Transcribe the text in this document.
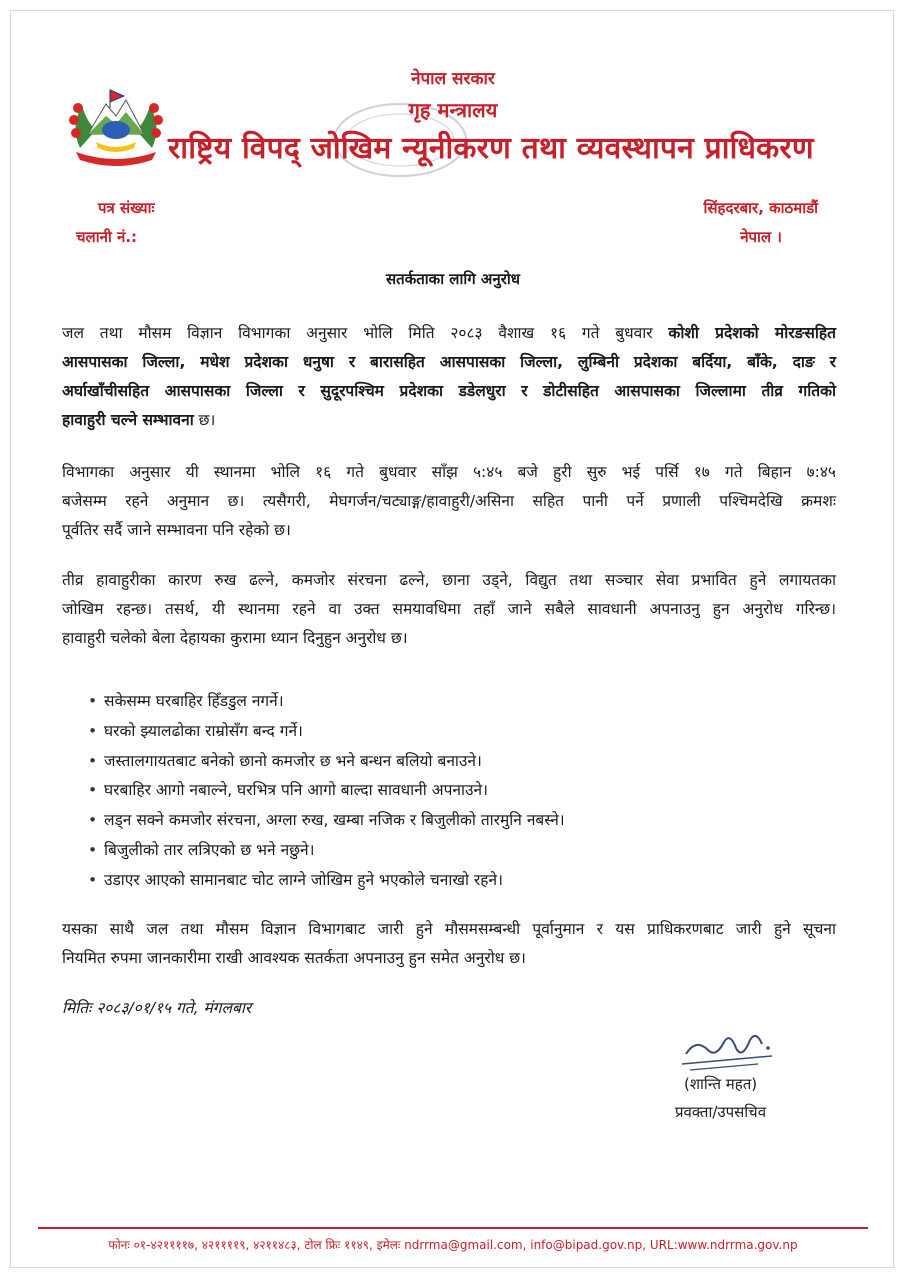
नेपाल सरकार
गृह मन्त्रालय
राष्ट्रिय विपद् जोखिम न्यूनीकरण तथा व्यवस्थापन प्राधिकरण
पत्र संख्याः
चलानी नं.:
सिंहदरबार, काठमाडौं
नेपाल ।
सतर्कताका लागि अनुरोध
जल तथा मौसम विज्ञान विभागका अनुसार भोलि मिति २०८३ वैशाख १६ गते बुधवार कोशी प्रदेशको मोरङसहित
आसपासका जिल्ला, मधेश प्रदेशका धनुषा र बारासहित आसपासका जिल्ला, लुम्बिनी प्रदेशका बर्दिया, बाँके, दाङ र
अर्घाखाँचीसहित आसपासका जिल्ला र सुदूरपश्चिम प्रदेशका डडेलधुरा र डोटीसहित आसपासका जिल्लामा तीव्र गतिको
हावाहुरी चल्ने सम्भावना छ।
विभागका अनुसार यी स्थानमा भोलि १६ गते बुधवार साँझ ५:४५ बजे हुरी सुरु भई पर्सि १७ गते बिहान ७:४५
बजेसम्म रहने अनुमान छ। त्यसैगरी, मेघगर्जन/चट्याङ्ग/हावाहुरी/असिना सहित पानी पर्ने प्रणाली पश्चिमदेखि क्रमशः
पूर्वतिर सर्दै जाने सम्भावना पनि रहेको छ।
तीव्र हावाहुरीका कारण रुख ढल्ने, कमजोर संरचना ढल्ने, छाना उड्ने, विद्युत तथा सञ्चार सेवा प्रभावित हुने लगायतका
जोखिम रहन्छ। तसर्थ, यी स्थानमा रहने वा उक्त समयावधिमा तहाँ जाने सबैले सावधानी अपनाउनु हुन अनुरोध गरिन्छ।
हावाहुरी चलेको बेला देहायका कुरामा ध्यान दिनुहुन अनुरोध छ।
• सकेसम्म घरबाहिर हिँडडुल नगर्ने।
• घरको झ्यालढोका राम्रोसँग बन्द गर्ने।
• जस्तालगायतबाट बनेको छानो कमजोर छ भने बन्धन बलियो बनाउने।
• घरबाहिर आगो नबाल्ने, घरभित्र पनि आगो बाल्दा सावधानी अपनाउने।
• लड्न सक्ने कमजोर संरचना, अग्ला रुख, खम्बा नजिक र बिजुलीको तारमुनि नबस्ने।
• बिजुलीको तार लत्रिएको छ भने नछुने।
• उडाएर आएको सामानबाट चोट लाग्ने जोखिम हुने भएकोले चनाखो रहने।
यसका साथै जल तथा मौसम विज्ञान विभागबाट जारी हुने मौसमसम्बन्धी पूर्वानुमान र यस प्राधिकरणबाट जारी हुने सूचना
नियमित रुपमा जानकारीमा राखी आवश्यक सतर्कता अपनाउनु हुन समेत अनुरोध छ।
मितिः २०८३/०१/१५ गते, मंगलबार
(शान्ति महत)
प्रवक्ता/उपसचिव
फोनः ०१-४२११११७, ४२११११९, ४२११४८३, टोल फ्रिः ११४९, इमेलः ndrrma@gmail.com, info@bipad.gov.np, URL:www.ndrrma.gov.np
